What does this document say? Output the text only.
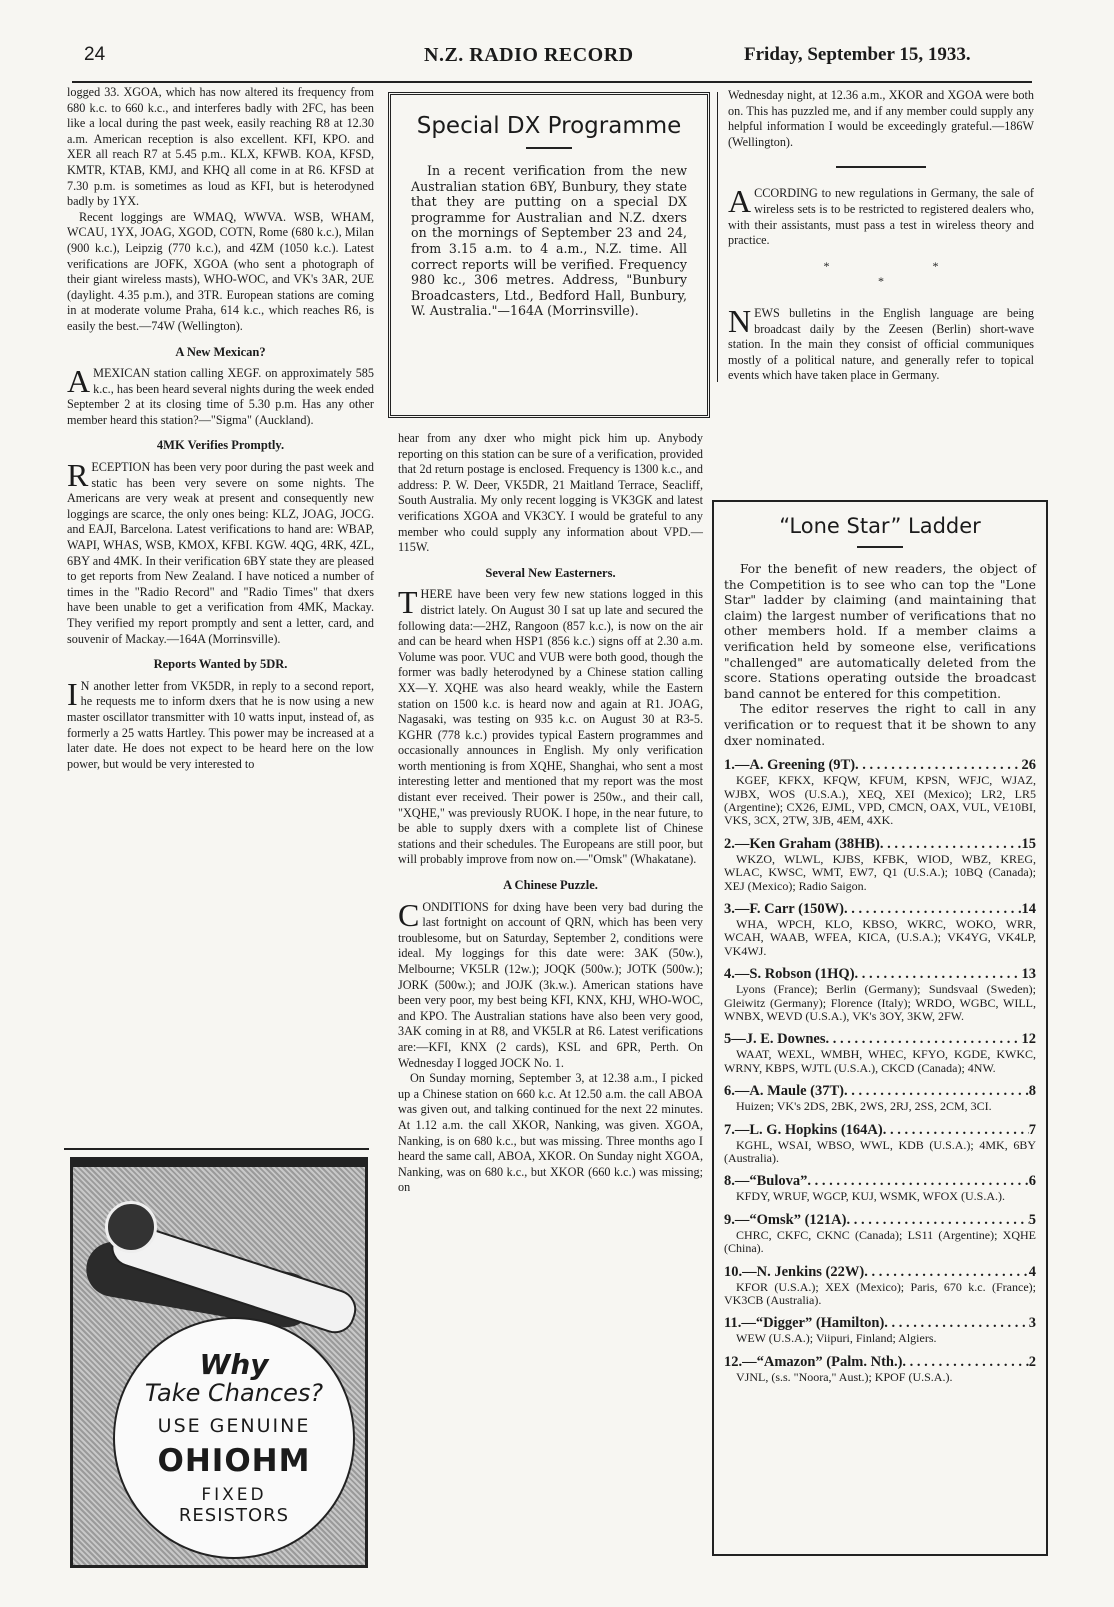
24	N.Z. RADIO RECORD	Friday, September 15, 1933.

logged 33. XGOA, which has now altered its frequency from 680 k.c. to 660 k.c., and interferes badly with 2FC, has been like a local during the past week, easily reaching R8 at 12.30 a.m. American reception is also excellent. KFI, KPO. and XER all reach R7 at 5.45 p.m.. KLX, KFWB. KOA, KFSD, KMTR, KTAB, KMJ, and KHQ all come in at R6. KFSD at 7.30 p.m. is sometimes as loud as KFI, but is heterodyned badly by 1YX.

Recent loggings are WMAQ, WWVA. WSB, WHAM, WCAU, 1YX, JOAG, XGOD, COTN, Rome (680 k.c.), Milan (900 k.c.), Leipzig (770 k.c.), and 4ZM (1050 k.c.). Latest verifications are JOFK, XGOA (who sent a photograph of their giant wireless masts), WHO-WOC, and VK's 3AR, 2UE (daylight. 4.35 p.m.), and 3TR. European stations are coming in at moderate volume Praha, 614 k.c., which reaches R6, is easily the best.—74W (Wellington).

A New Mexican?

AMEXICAN station calling XEGF. on approximately 585 k.c., has been heard several nights during the week ended September 2 at its closing time of 5.30 p.m. Has any other member heard this station?—"Sigma" (Auckland).

4MK Verifies Promptly.

RECEPTION has been very poor during the past week and static has been very severe on some nights. The Americans are very weak at present and consequently new loggings are scarce, the only ones being: KLZ, JOAG, JOCG. and EAJI, Barcelona. Latest verifications to hand are: WBAP, WAPI, WHAS, WSB, KMOX, KFBI. KGW. 4QG, 4RK, 4ZL, 6BY and 4MK. In their verification 6BY state they are pleased to get reports from New Zealand. I have noticed a number of times in the "Radio Record" and "Radio Times" that dxers have been unable to get a verification from 4MK, Mackay. They verified my report promptly and sent a letter, card, and souvenir of Mackay.—164A (Morrinsville).

Reports Wanted by 5DR.

I N another letter from VK5DR, in reply to a second report, he requests me to inform dxers that he is now using a new master oscillator transmitter with 10 watts input, instead of, as formerly a 25 watts Hartley. This power may be increased at a later date. He does not expect to be heard here on the low power, but would be very interested to

Why
Take Chances?
USE GENUINE
OHIOHM
FIXED
RESISTORS
Special DX Programme

In a recent verification from the new Australian station 6BY, Bunbury, they state that they are putting on a special DX programme for Australian and N.Z. dxers on the mornings of September 23 and 24, from 3.15 a.m. to 4 a.m., N.Z. time. All correct reports will be verified. Frequency 980 kc., 306 metres. Address, "Bunbury Broadcasters, Ltd., Bedford Hall, Bunbury, W. Australia."—164A (Morrinsville).

hear from any dxer who might pick him up. Anybody reporting on this station can be sure of a verification, provided that 2d return postage is enclosed. Frequency is 1300 k.c., and address: P. W. Deer, VK5DR, 21 Maitland Terrace, Seacliff, South Australia. My only recent logging is VK3GK and latest verifications XGOA and VK3CY. I would be grateful to any member who could supply any information about VPD.—115W.

Several New Easterners.

THERE have been very few new stations logged in this district lately. On August 30 I sat up late and secured the following data:—2HZ, Rangoon (857 k.c.), is now on the air and can be heard when HSP1 (856 k.c.) signs off at 2.30 a.m. Volume was poor. VUC and VUB were both good, though the former was badly heterodyned by a Chinese station calling XX—Y. XQHE was also heard weakly, while the Eastern station on 1500 k.c. is heard now and again at R1. JOAG, Nagasaki, was testing on 935 k.c. on August 30 at R3-5. KGHR (778 k.c.) provides typical Eastern programmes and occasionally announces in English. My only verification worth mentioning is from XQHE, Shanghai, who sent a most interesting letter and mentioned that my report was the most distant ever received. Their power is 250w., and their call, "XQHE," was previously RUOK. I hope, in the near future, to be able to supply dxers with a complete list of Chinese stations and their schedules. The Europeans are still poor, but will probably improve from now on.—"Omsk" (Whakatane).

A Chinese Puzzle.

CONDITIONS for dxing have been very bad during the last fortnight on account of QRN, which has been very troublesome, but on Saturday, September 2, conditions were ideal. My loggings for this date were: 3AK (50w.), Melbourne; VK5LR (12w.); JOQK (500w.); JOTK (500w.); JORK (500w.); and JOJK (3k.w.). American stations have been very poor, my best being KFI, KNX, KHJ, WHO-WOC, and KPO. The Australian stations have also been very good, 3AK coming in at R8, and VK5LR at R6. Latest verifications are:—KFI, KNX (2 cards), KSL and 6PR, Perth. On Wednesday I logged JOCK No. 1.

On Sunday morning, September 3, at 12.38 a.m., I picked up a Chinese station on 660 k.c. At 12.50 a.m. the call ABOA was given out, and talking continued for the next 22 minutes. At 1.12 a.m. the call XKOR, Nanking, was given. XGOA, Nanking, is on 680 k.c., but was missing. Three months ago I heard the same call, ABOA, XKOR. On Sunday night XGOA, Nanking, was on 680 k.c., but XKOR (660 k.c.) was missing; on

Wednesday night, at 12.36 a.m., XKOR and XGOA were both on. This has puzzled me, and if any member could supply any helpful information I would be exceedingly grateful.—186W (Wellington).

ACCORDING to new regulations in Germany, the sale of wireless sets is to be restricted to registered dealers who, with their assistants, must pass a test in wireless theory and practice.

* * *

NEWS bulletins in the English language are being broadcast daily by the Zeesen (Berlin) short-wave station. In the main they consist of official communiques mostly of a political nature, and generally refer to topical events which have taken place in Germany.

“Lone Star” Ladder

For the benefit of new readers, the object of the Competition is to see who can top the "Lone Star" ladder by claiming (and maintaining that claim) the largest number of verifications that no other members hold. If a member claims a verification held by someone else, verifications "challenged" are automatically deleted from the score. Stations operating outside the broadcast band cannot be entered for this competition.

The editor reserves the right to call in any verification or to request that it be shown to any dxer nominated.

1.— A. Greening (9T) . . .	26
KGEF, KFKX, KFQW, KFUM, KPSN, WFJC, WJAZ, WJBX, WOS (U.S.A.), XEQ, XEI (Mexico); LR2, LR5 (Argentine); CX26, EJML, VPD, CMCN, OAX, VUL, VE10BI, VKS, 3CX, 2TW, 3JB, 4EM, 4XK.
2.— Ken Graham (38HB) . . .	15
WKZO, WLWL, KJBS, KFBK, WIOD, WBZ, KREG, WLAC, KWSC, WMT, EW7, Q1 (U.S.A.); 10BQ (Canada); XEJ (Mexico); Radio Saigon.
3.— F. Carr (150W) . . .	14
WHA, WPCH, KLO, KBSO, WKRC, WOKO, WRR, WCAH, WAAB, WFEA, KICA, (U.S.A.); VK4YG, VK4LP, VK4WJ.
4.— S. Robson (1HQ) . . .	13
Lyons (France); Berlin (Germany); Sundsvaal (Sweden); Gleiwitz (Germany); Florence (Italy); WRDO, WGBC, WILL, WNBX, WEVD (U.S.A.), VK's 3OY, 3KW, 2FW.
5— J. E. Downes . . .	12
WAAT, WEXL, WMBH, WHEC, KFYO, KGDE, KWKC, WRNY, KBPS, WJTL (U.S.A.), CKCD (Canada); 4NW.
6.— A. Maule (37T) . . .	8
Huizen; VK's 2DS, 2BK, 2WS, 2RJ, 2SS, 2CM, 3CI.
7.— L. G. Hopkins (164A) . . .	7
KGHL, WSAI, WBSO, WWL, KDB (U.S.A.); 4MK, 6BY (Australia).
8.— “Bulova” . . .	6
KFDY, WRUF, WGCP, KUJ, WSMK, WFOX (U.S.A.).
9.— “Omsk” (121A) . . .	5
CHRC, CKFC, CKNC (Canada); LS11 (Argentine); XQHE (China).
10.— N. Jenkins (22W) . . .	4
KFOR (U.S.A.); XEX (Mexico); Paris, 670 k.c. (France); VK3CB (Australia).
11.— “Digger” (Hamilton) . . .	3
WEW (U.S.A.); Viipuri, Finland; Algiers.
12.— “Amazon” (Palm. Nth.) . . .	2
VJNL, (s.s. "Noora," Aust.); KPOF (U.S.A.).
